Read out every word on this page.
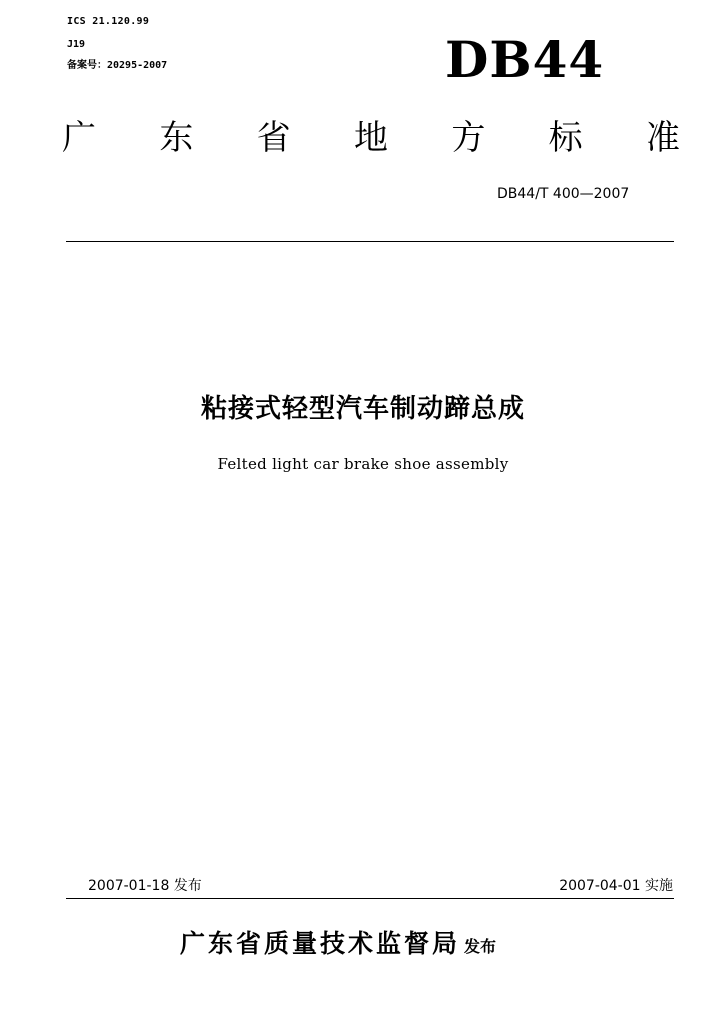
ICS 21.120.99
J19
备案号：20295-2007	DB44
广 东 省 地 方 标 准
DB44/T 400—2007
粘接式轻型汽车制动蹄总成
Felted light car brake shoe assembly
2007-01-18 发布	2007-04-01 实施
广东省质量技术监督局 发布
